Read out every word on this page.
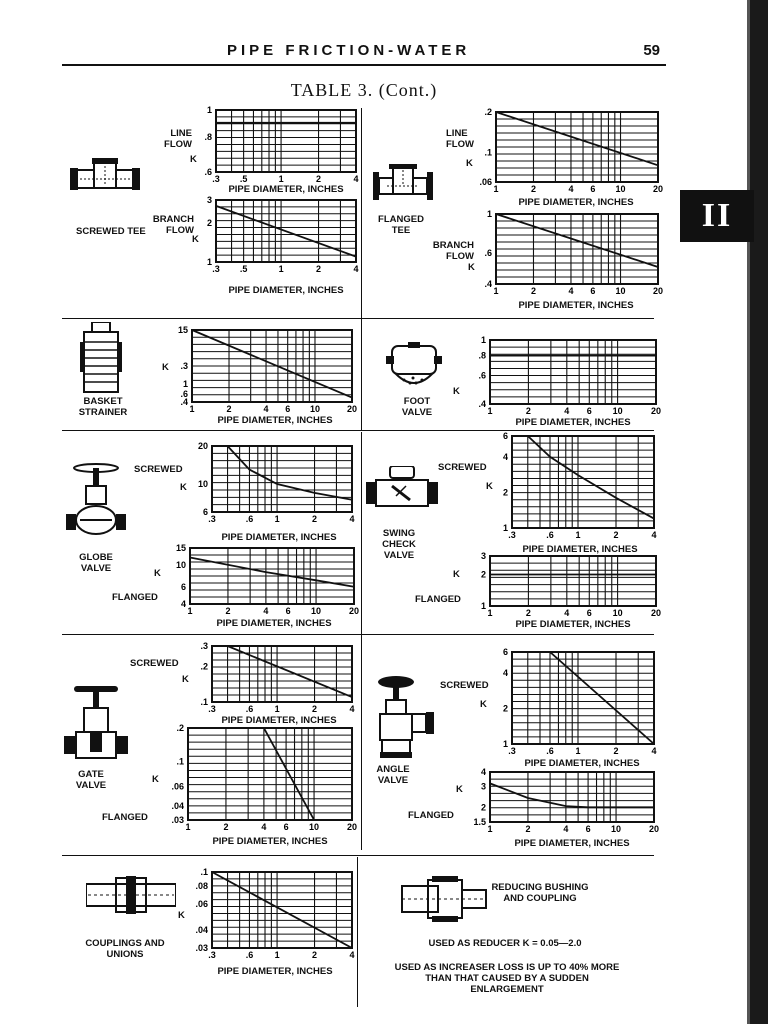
II
PIPE FRICTION-WATER	59
TABLE 3. (Cont.)
SCREWED TEE
LINE FLOW
K
BRANCH FLOW
K
PIPE DIAMETER, INCHES
PIPE DIAMETER, INCHES
FLANGED TEE
LINE FLOW
K
BRANCH FLOW
K
PIPE DIAMETER, INCHES
PIPE DIAMETER, INCHES
BASKET STRAINER
K
PIPE DIAMETER, INCHES
FOOT VALVE
K
PIPE DIAMETER, INCHES
GLOBE VALVE
SCREWED
K
PIPE DIAMETER, INCHES
K
FLANGED
PIPE DIAMETER, INCHES
SWING CHECK VALVE
SCREWED
K
PIPE DIAMETER, INCHES
K
FLANGED
PIPE DIAMETER, INCHES
GATE VALVE
SCREWED
K
PIPE DIAMETER, INCHES
K
FLANGED
PIPE DIAMETER, INCHES
ANGLE VALVE
SCREWED
K
PIPE DIAMETER, INCHES
K
FLANGED
PIPE DIAMETER, INCHES
COUPLINGS AND UNIONS
K
PIPE DIAMETER, INCHES
REDUCING BUSHING AND COUPLING
USED AS REDUCER K = 0.05—2.0
USED AS INCREASER LOSS IS UP TO 40% MORE THAN THAT CAUSED BY A SUDDEN ENLARGEMENT
.3 .5	1	2	4
1
.8
.6
.3 .5	1	2	4
3
2
1
1	2	4 6 10	20
.2
.1
.06
1	2	4 6 10	20
1
.6
.4
1	2	4 6 10	20
15
1
.3
.6
.4
1	2	4 6 10	20
1
.8
.6
.4
.3	.6 1	2	4
20
10
6
1	2	4 6 10	20
15
10
6
4
.3	.6 1	2	4
6
4
2
1
1	2	4 6 10	20
3
2
1
.3	.6 1	2	4
.3
.2
.1
1	2	4 6 10	20
.2
.1
.06
.04
.03
.3	.6 1	2	4
6
4
2
1
1	2	4 6 10	20
4
3
2
1.5
.3	.6 1	2	4
.1
.08
.06
.04
.03
